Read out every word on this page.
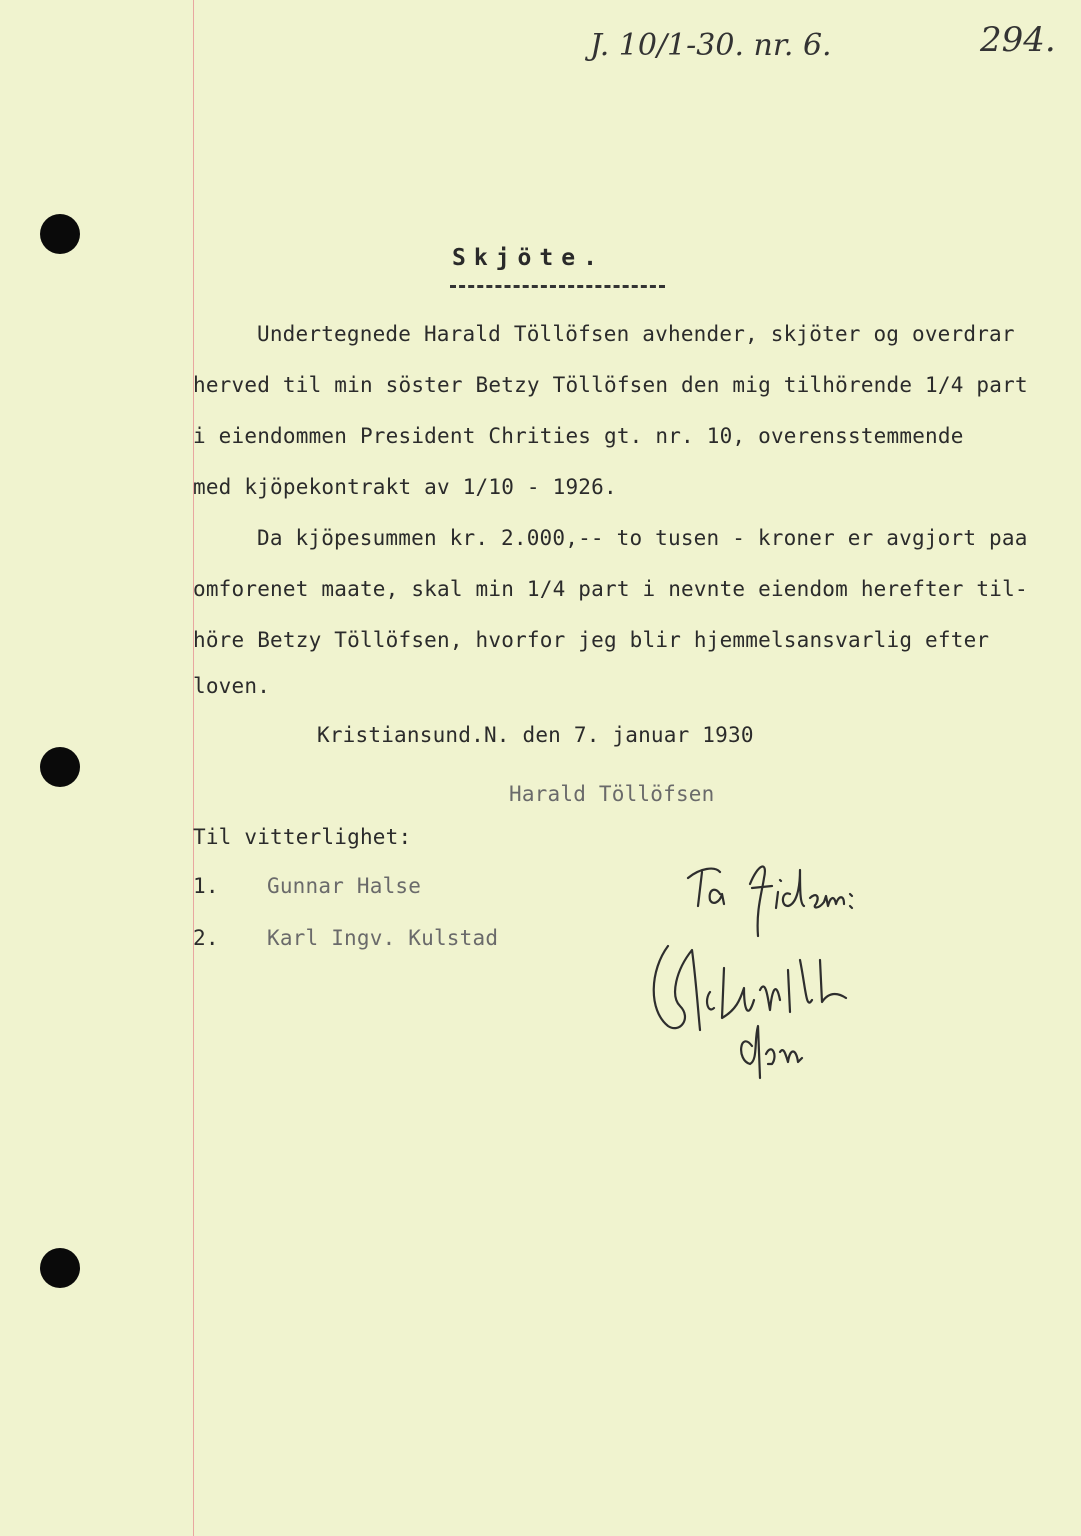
J. 10/1-30. nr. 6.	294.
Skjöte.
Undertegnede Harald Töllöfsen avhender, skjöter og overdrar
herved til min söster Betzy Töllöfsen den mig tilhörende 1/4 part
i eiendommen President Chrities gt. nr. 10, overensstemmende
med kjöpekontrakt av 1/10 - 1926.
Da kjöpesummen kr. 2.000,-- to tusen - kroner er avgjort paa
omforenet maate, skal min 1/4 part i nevnte eiendom herefter til-
höre Betzy Töllöfsen, hvorfor jeg blir hjemmelsansvarlig efter
loven.
Kristiansund.N. den 7. januar 1930
Harald Töllöfsen
Til vitterlighet:
1. Gunnar Halse
2. Karl Ingv. Kulstad
